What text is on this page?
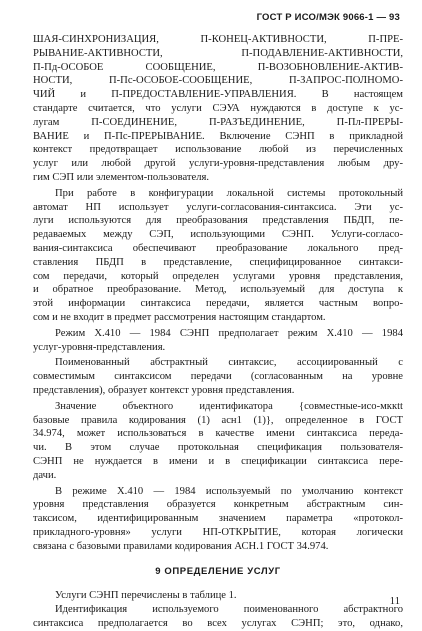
ГОСТ Р ИСО/МЭК 9066-1 — 93
ШАЯ-СИНХРОНИЗАЦИЯ, П-КОНЕЦ-АКТИВНОСТИ, П-ПРЕ-
РЫВАНИЕ-АКТИВНОСТИ, П-ПОДАВЛЕНИЕ-АКТИВНОСТИ,
П-Пд-ОСОБОЕ СООБЩЕНИЕ, П-ВОЗОБНОВЛЕНИЕ-АКТИВ-
НОСТИ, П-Пс-ОСОБОЕ-СООБЩЕНИЕ, П-ЗАПРОС-ПОЛНОМО-
ЧИЙ и П-ПРЕДОСТАВЛЕНИЕ-УПРАВЛЕНИЯ. В настоящем
стандарте считается, что услуги СЭУА нуждаются в доступе к ус-
лугам П-СОЕДИНЕНИЕ, П-РАЗЪЕДИНЕНИЕ, П-Пл-ПРЕРЫ-
ВАНИЕ и П-Пс-ПРЕРЫВАНИЕ. Включение СЭНП в прикладной
контекст предотвращает использование любой из перечисленных
услуг или любой другой услуги-уровня-представления любым дру-
гим СЭП или элементом-пользователя.
При работе в конфигурации локальной системы протокольный
автомат НП использует услуги-согласования-синтаксиса. Эти ус-
луги используются для преобразования представления ПБДП, пе-
редаваемых между СЭП, использующими СЭНП. Услуги-согласо-
вания-синтаксиса обеспечивают преобразование локального пред-
ставления ПБДП в представление, специфицированное синтакси-
сом передачи, который определен услугами уровня представления,
и обратное преобразование. Метод, используемый для доступа к
этой информации синтаксиса передачи, является частным вопро-
сом и не входит в предмет рассмотрения настоящим стандартом.
Режим Х.410 — 1984 СЭНП предполагает режим Х.410 — 1984
услуг-уровня-представления.
Поименованный абстрактный синтаксис, ассоциированный с
совместимым синтаксисом передачи (согласованным на уровне
представления), образует контекст уровня представления.
Значение объектного идентификатора {совместные-исо-мккtt
базовые правила кодирования (1) асн1 (1)}, определенное в ГОСТ
34.974, может использоваться в качестве имени синтаксиса переда-
чи. В этом случае протокольная спецификация пользователя-
СЭНП не нуждается в имени и в спецификации синтаксиса пере-
дачи.
В режиме Х.410 — 1984 используемый по умолчанию контекст
уровня представления образуется конкретным абстрактным син-
таксисом, идентифицированным значением параметра «протокол-
прикладного-уровня» услуги НП-ОТКРЫТИЕ, которая логически
связана с базовыми правилами кодирования АСН.1 ГОСТ 34.974.
9 ОПРЕДЕЛЕНИЕ УСЛУГ
Услуги СЭНП перечислены в таблице 1.
Идентификация используемого поименованного абстрактного
синтаксиса предполагается во всех услугах СЭНП; это, однако,
11
